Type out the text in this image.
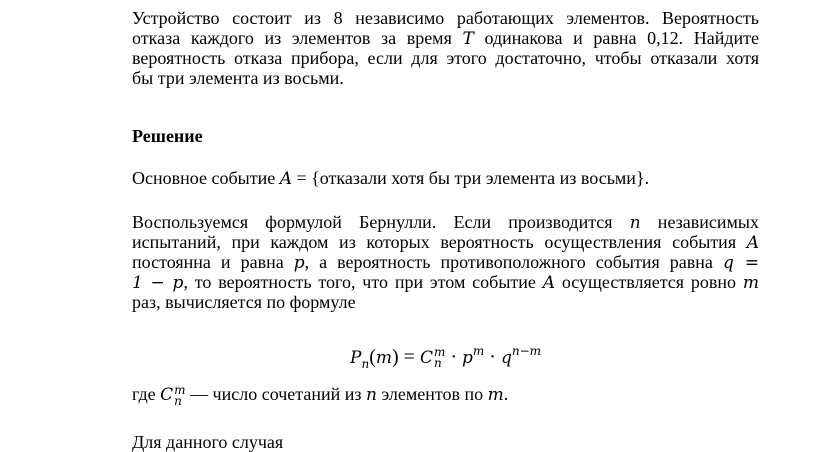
Устройство состоит из 8 независимо работающих элементов. Вероятность
отказа каждого из элементов за время T одинакова и равна 0,12. Найдите
вероятность отказа прибора, если для этого достаточно, чтобы отказали хотя
бы три элемента из восьми.
Решение
Основное событие A = {отказали хотя бы три элемента из восьми}.
Воспользуемся формулой Бернулли. Если производится n независимых
испытаний, при каждом из которых вероятность осуществления события A
постоянна и равна p, а вероятность противоположного события равна q =
1 − p, то вероятность того, что при этом событие A осуществляется ровно m
раз, вычисляется по формуле
$P_n(m) = C$ m
$n \cdot p^m \cdot q^{n-m}$
где C m
n — число сочетаний из n элементов по m.
Для данного случая
